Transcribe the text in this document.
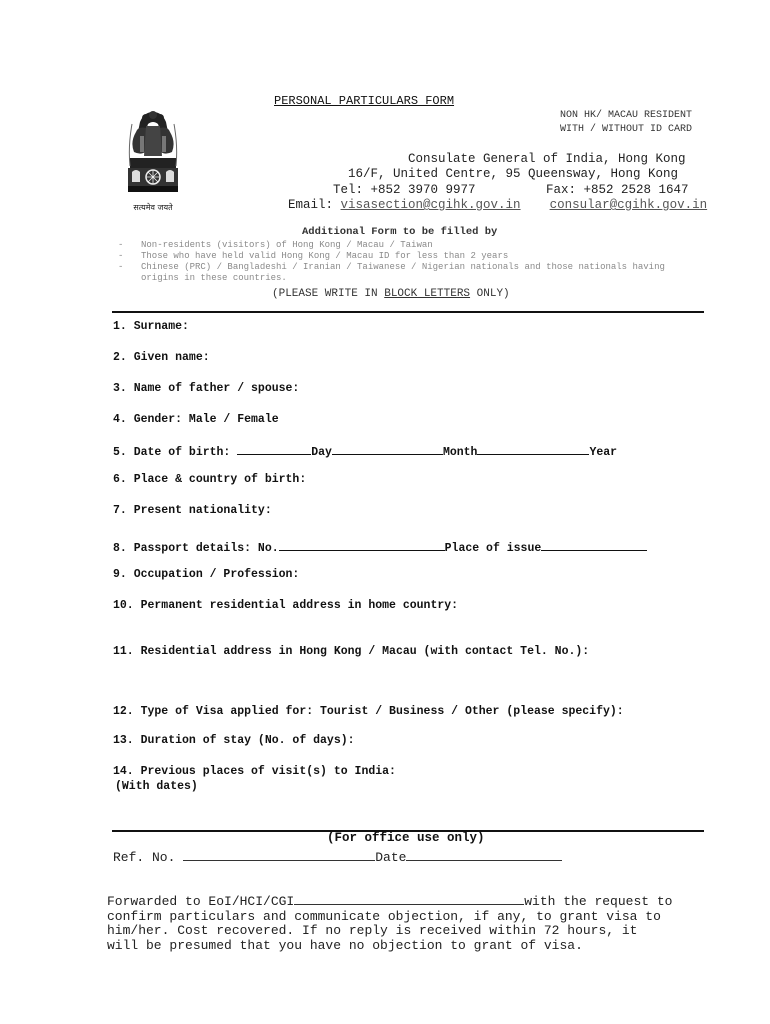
PERSONAL PARTICULARS FORM
NON HK/ MACAU RESIDENT
WITH / WITHOUT ID CARD
सत्यमेव जयते
Consulate General of India, Hong Kong
16/F, United Centre, 95 Queensway, Hong Kong
Tel: +852 3970 9977	Fax: +852 2528 1647
Email: visasection@cgihk.gov.in consular@cgihk.gov.in
Additional Form to be filled by
- Non-residents (visitors) of Hong Kong / Macau / Taiwan
- Those who have held valid Hong Kong / Macau ID for less than 2 years
- Chinese (PRC) / Bangladeshi / Iranian / Taiwanese / Nigerian nationals and those nationals having
origins in these countries.
(PLEASE WRITE IN BLOCK LETTERS ONLY)
1. Surname:
2. Given name:
3. Name of father / spouse:
4. Gender: Male / Female
5. Date of birth:	Day	Month	Year
6. Place & country of birth:
7. Present nationality:
8. Passport details: No.	Place of issue
9. Occupation / Profession:
10. Permanent residential address in home country:
11. Residential address in Hong Kong / Macau (with contact Tel. No.):
12. Type of Visa applied for: Tourist / Business / Other (please specify):
13. Duration of stay (No. of days):
14. Previous places of visit(s) to India:
(With dates)
(For office use only)
Ref. No.	Date
Forwarded to EoI/HCI/CGI	with the request to
confirm particulars and communicate objection, if any, to grant visa to
him/her. Cost recovered. If no reply is received within 72 hours, it
will be presumed that you have no objection to grant of visa.
